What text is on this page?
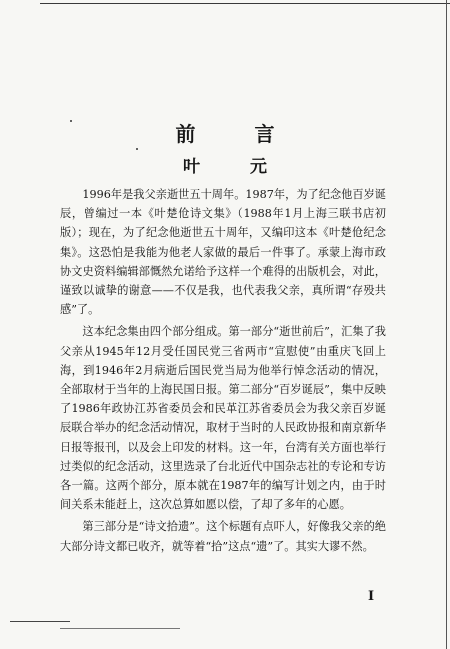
前 言
叶 元

1996年是我父亲逝世五十周年。1987年，为了纪念他百岁诞辰，曾编过一本《叶楚伧诗文集》（1988年1月上海三联书店初版）；现在，为了纪念他逝世五十周年，又编印这本《叶楚伧纪念集》。这恐怕是我能为他老人家做的最后一件事了。承蒙上海市政协文史资料编辑部慨然允诺给予这样一个难得的出版机会，对此，谨致以诚挚的谢意——不仅是我，也代表我父亲，真所谓“存殁共感”了。

这本纪念集由四个部分组成。第一部分“逝世前后”，汇集了我父亲从1945年12月受任国民党三省两市“宣慰使”由重庆飞回上海，到1946年2月病逝后国民党当局为他举行悼念活动的情况，全部取材于当年的上海民国日报。第二部分“百岁诞辰”，集中反映了1986年政协江苏省委员会和民革江苏省委员会为我父亲百岁诞辰联合举办的纪念活动情况，取材于当时的人民政协报和南京新华日报等报刊，以及会上印发的材料。这一年，台湾有关方面也举行过类似的纪念活动，这里选录了台北近代中国杂志社的专论和专访各一篇。这两个部分，原本就在1987年的编写计划之内，由于时间关系未能赶上，这次总算如愿以偿，了却了多年的心愿。

第三部分是“诗文拾遗”。这个标题有点吓人，好像我父亲的绝大部分诗文都已收齐，就等着“拾”这点“遗”了。其实大谬不然。

I
